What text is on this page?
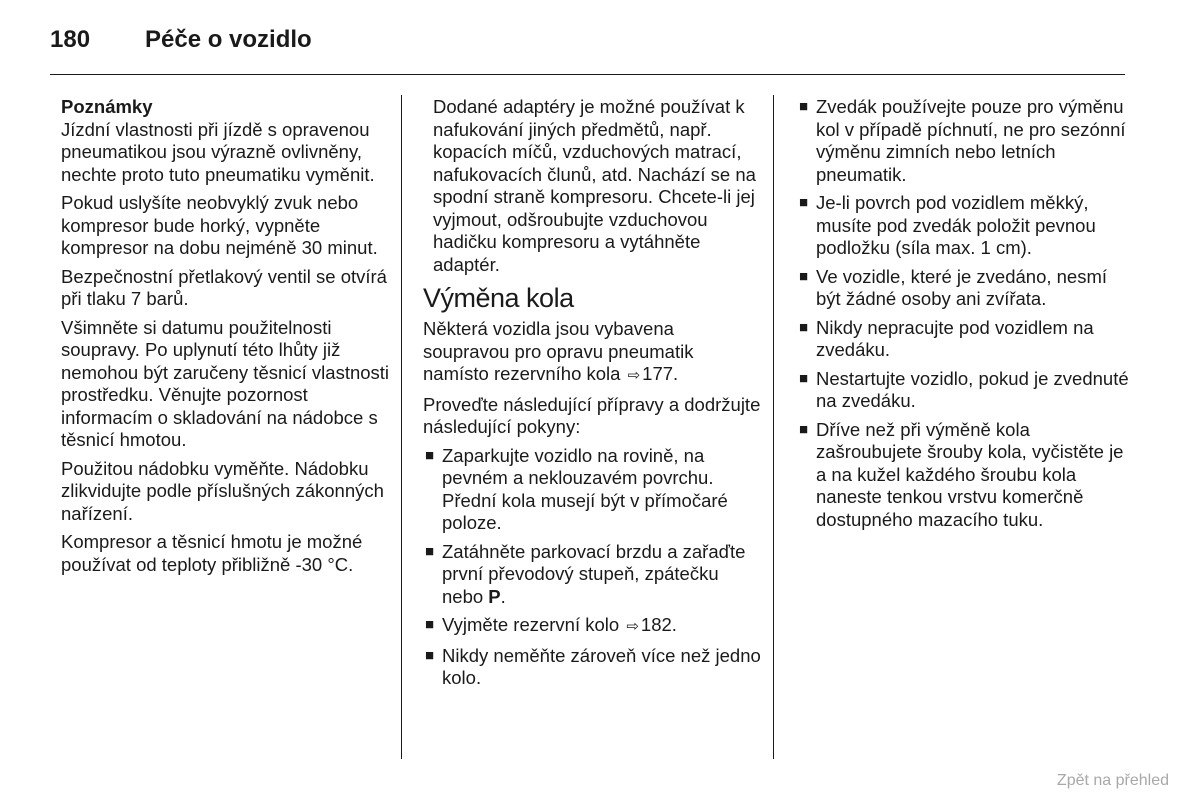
180 Péče o vozidlo
Poznámky

Jízdní vlastnosti při jízdě s opravenou pneumatikou jsou výrazně ovlivněny, nechte proto tuto pneumatiku vyměnit.

Pokud uslyšíte neobvyklý zvuk nebo kompresor bude horký, vypněte kompresor na dobu nejméně 30 minut.

Bezpečnostní přetlakový ventil se otvírá při tlaku 7 barů.

Všimněte si datumu použitelnosti soupravy. Po uplynutí této lhůty již nemohou být zaručeny těsnicí vlastnosti prostředku. Věnujte pozornost informacím o skladování na nádobce s těsnicí hmotou.

Použitou nádobku vyměňte. Nádobku zlikvidujte podle příslušných zákonných nařízení.

Kompresor a těsnicí hmotu je možné používat od teploty přibližně -30 °C.

Dodané adaptéry je možné používat k nafukování jiných předmětů, např. kopacích míčů, vzduchových matrací, nafukovacích člunů, atd. Nachází se na spodní straně kompresoru. Chcete-li jej vyjmout, odšroubujte vzduchovou hadičku kompresoru a vytáhněte adaptér.

Výměna kola

Některá vozidla jsou vybavena soupravou pro opravu pneumatik namísto rezervního kola ⇨ 177.

Proveďte následující přípravy a dodržujte následující pokyny:

■ Zaparkujte vozidlo na rovině, na pevném a neklouzavém povrchu. Přední kola musejí být v přímočaré poloze.
■ Zatáhněte parkovací brzdu a zařaďte první převodový stupeň, zpátečku nebo P.
■ Vyjměte rezervní kolo ⇨ 182.
■ Nikdy neměňte zároveň více než jedno kolo.
■ Zvedák používejte pouze pro výměnu kol v případě píchnutí, ne pro sezónní výměnu zimních nebo letních pneumatik.
■ Je-li povrch pod vozidlem měkký, musíte pod zvedák položit pevnou podložku (síla max. 1 cm).
■ Ve vozidle, které je zvedáno, nesmí být žádné osoby ani zvířata.
■ Nikdy nepracujte pod vozidlem na zvedáku.
■ Nestartujte vozidlo, pokud je zvednuté na zvedáku.
■ Dříve než při výměně kola zašroubujete šrouby kola, vyčistěte je a na kužel každého šroubu kola naneste tenkou vrstvu komerčně dostupného mazacího tuku.
Zpět na přehled
